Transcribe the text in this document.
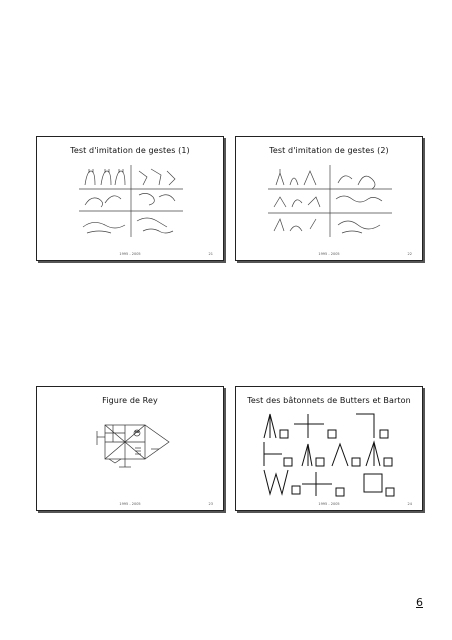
Test d'imitation de gestes (1)
1995 - 2005	21
Test d'imitation de gestes (2)
1995 - 2005	22
Figure de Rey
1995 - 2005	23
Test des bâtonnets de Butters et Barton
1995 - 2005	24
6
